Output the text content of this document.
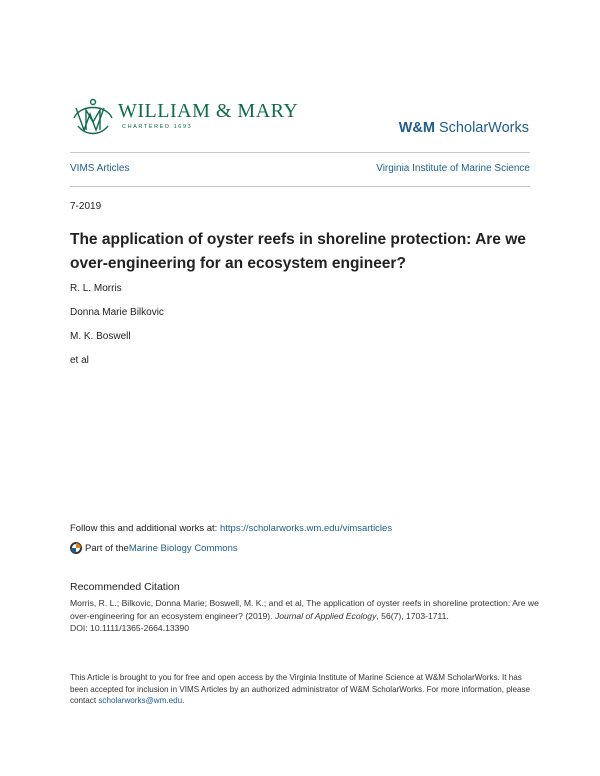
WILLIAM & MARY
CHARTERED 1693	W&M ScholarWorks
VIMS Articles	Virginia Institute of Marine Science
7-2019
The application of oyster reefs in shoreline protection: Are we over-engineering for an ecosystem engineer?
R. L. Morris
Donna Marie Bilkovic
M. K. Boswell
et al
Follow this and additional works at: https://scholarworks.wm.edu/vimsarticles
Part of the Marine Biology Commons
Recommended Citation
Morris, R. L.; Bilkovic, Donna Marie; Boswell, M. K.; and et al, The application of oyster reefs in shoreline protection: Are we over-engineering for an ecosystem engineer? (2019). Journal of Applied Ecology, 56(7), 1703-1711.
DOI: 10.1111/1365-2664.13390
This Article is brought to you for free and open access by the Virginia Institute of Marine Science at W&M ScholarWorks. It has been accepted for inclusion in VIMS Articles by an authorized administrator of W&M ScholarWorks. For more information, please contact scholarworks@wm.edu.
